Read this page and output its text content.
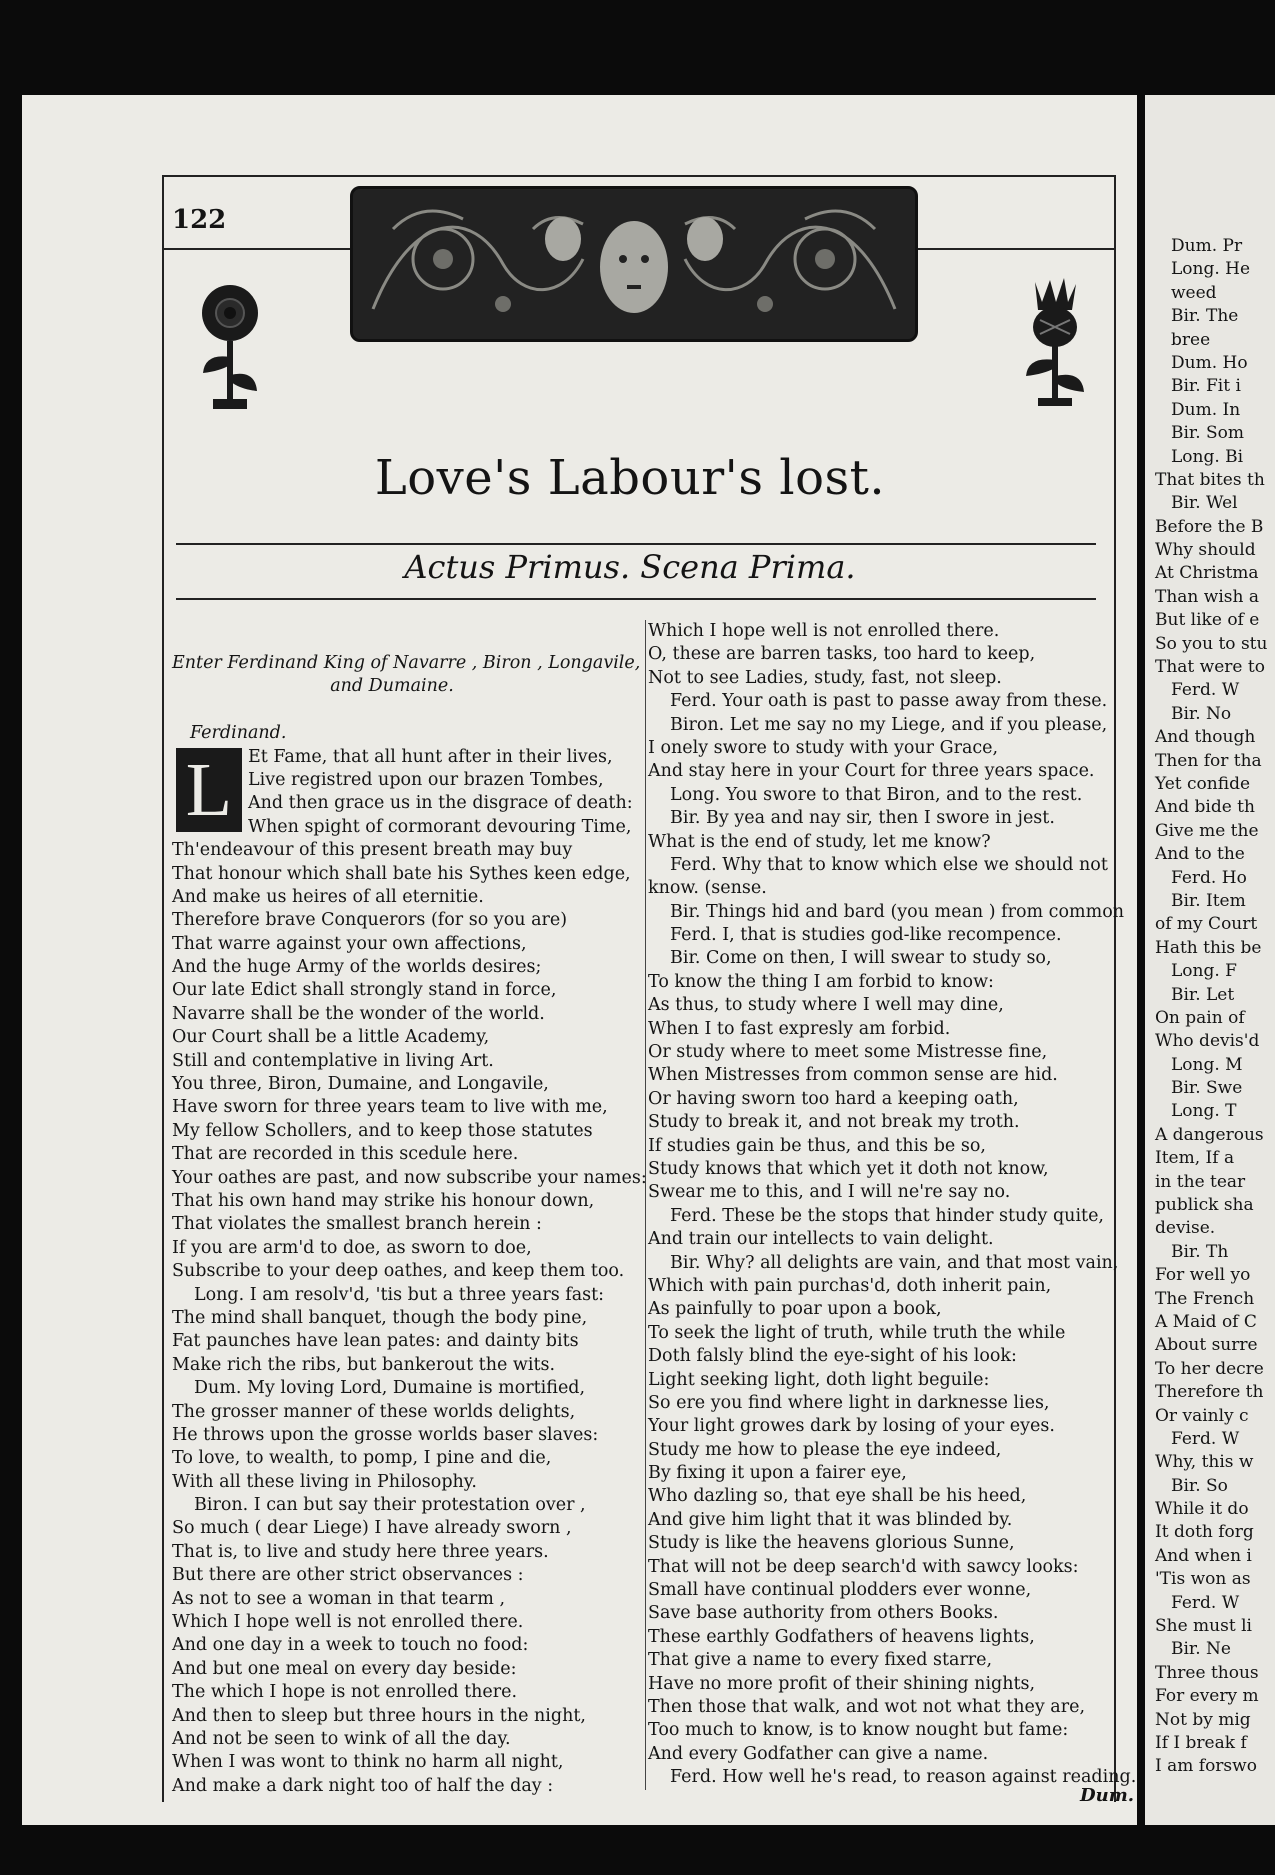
Dum. Pr
Long. He
weed
Bir. The
bree
Dum. Ho
Bir. Fit i
Dum. In
Bir. Som
Long. Bi
That bites th
Bir. Wel
Before the B
Why should
At Christma
Than wish a
But like of e
So you to stu
That were to
Ferd. W
Bir. No
And though
Then for tha
Yet confide
And bide th
Give me the
And to the
Ferd. Ho
Bir. Item
of my Court
Hath this be
Long. F
Bir. Let
On pain of
Who devis'd
Long. M
Bir. Swe
Long. T
A dangerous
Item, If a
in the tear
publick sha
devise.
Bir. Th
For well yo
The French
A Maid of C
About surre
To her decre
Therefore th
Or vainly c
Ferd. W
Why, this w
Bir. So
While it do
It doth forg
And when i
'Tis won as
Ferd. W
She must li
Bir. Ne
Three thous
For every m
Not by mig
If I break f
I am forswo
122
Love's Labour's lost.
Actus Primus. Scena Prima.
L
Enter Ferdinand King of Navarre , Biron , Longavile,
and Dumaine.
Ferdinand.
Et Fame, that all hunt after in their lives,
Live registred upon our brazen Tombes,
And then grace us in the disgrace of death:
When spight of cormorant devouring Time,
Th'endeavour of this present breath may buy
That honour which shall bate his Sythes keen edge,
And make us heires of all eternitie.
Therefore brave Conquerors (for so you are)
That warre against your own affections,
And the huge Army of the worlds desires;
Our late Edict shall strongly stand in force,
Navarre shall be the wonder of the world.
Our Court shall be a little Academy,
Still and contemplative in living Art.
You three, Biron, Dumaine, and Longavile,
Have sworn for three years team to live with me,
My fellow Schollers, and to keep those statutes
That are recorded in this scedule here.
Your oathes are past, and now subscribe your names:
That his own hand may strike his honour down,
That violates the smallest branch herein :
If you are arm'd to doe, as sworn to doe,
Subscribe to your deep oathes, and keep them too.
Long. I am resolv'd, 'tis but a three years fast:
The mind shall banquet, though the body pine,
Fat paunches have lean pates: and dainty bits
Make rich the ribs, but bankerout the wits.
Dum. My loving Lord, Dumaine is mortified,
The grosser manner of these worlds delights,
He throws upon the grosse worlds baser slaves:
To love, to wealth, to pomp, I pine and die,
With all these living in Philosophy.
Biron. I can but say their protestation over ,
So much ( dear Liege) I have already sworn ,
That is, to live and study here three years.
But there are other strict observances :
As not to see a woman in that tearm ,
Which I hope well is not enrolled there.
And one day in a week to touch no food:
And but one meal on every day beside:
The which I hope is not enrolled there.
And then to sleep but three hours in the night,
And not be seen to wink of all the day.
When I was wont to think no harm all night,
And make a dark night too of half the day :
Which I hope well is not enrolled there.
O, these are barren tasks, too hard to keep,
Not to see Ladies, study, fast, not sleep.
Ferd. Your oath is past to passe away from these.
Biron. Let me say no my Liege, and if you please,
I onely swore to study with your Grace,
And stay here in your Court for three years space.
Long. You swore to that Biron, and to the rest.
Bir. By yea and nay sir, then I swore in jest.
What is the end of study, let me know?
Ferd. Why that to know which else we should not
know. (sense.
Bir. Things hid and bard (you mean ) from common
Ferd. I, that is studies god-like recompence.
Bir. Come on then, I will swear to study so,
To know the thing I am forbid to know:
As thus, to study where I well may dine,
When I to fast expresly am forbid.
Or study where to meet some Mistresse fine,
When Mistresses from common sense are hid.
Or having sworn too hard a keeping oath,
Study to break it, and not break my troth.
If studies gain be thus, and this be so,
Study knows that which yet it doth not know,
Swear me to this, and I will ne're say no.
Ferd. These be the stops that hinder study quite,
And train our intellects to vain delight.
Bir. Why? all delights are vain, and that most vain,
Which with pain purchas'd, doth inherit pain,
As painfully to poar upon a book,
To seek the light of truth, while truth the while
Doth falsly blind the eye-sight of his look:
Light seeking light, doth light beguile:
So ere you find where light in darknesse lies,
Your light growes dark by losing of your eyes.
Study me how to please the eye indeed,
By fixing it upon a fairer eye,
Who dazling so, that eye shall be his heed,
And give him light that it was blinded by.
Study is like the heavens glorious Sunne,
That will not be deep search'd with sawcy looks:
Small have continual plodders ever wonne,
Save base authority from others Books.
These earthly Godfathers of heavens lights,
That give a name to every fixed starre,
Have no more profit of their shining nights,
Then those that walk, and wot not what they are,
Too much to know, is to know nought but fame:
And every Godfather can give a name.
Ferd. How well he's read, to reason against reading.
Dum.
